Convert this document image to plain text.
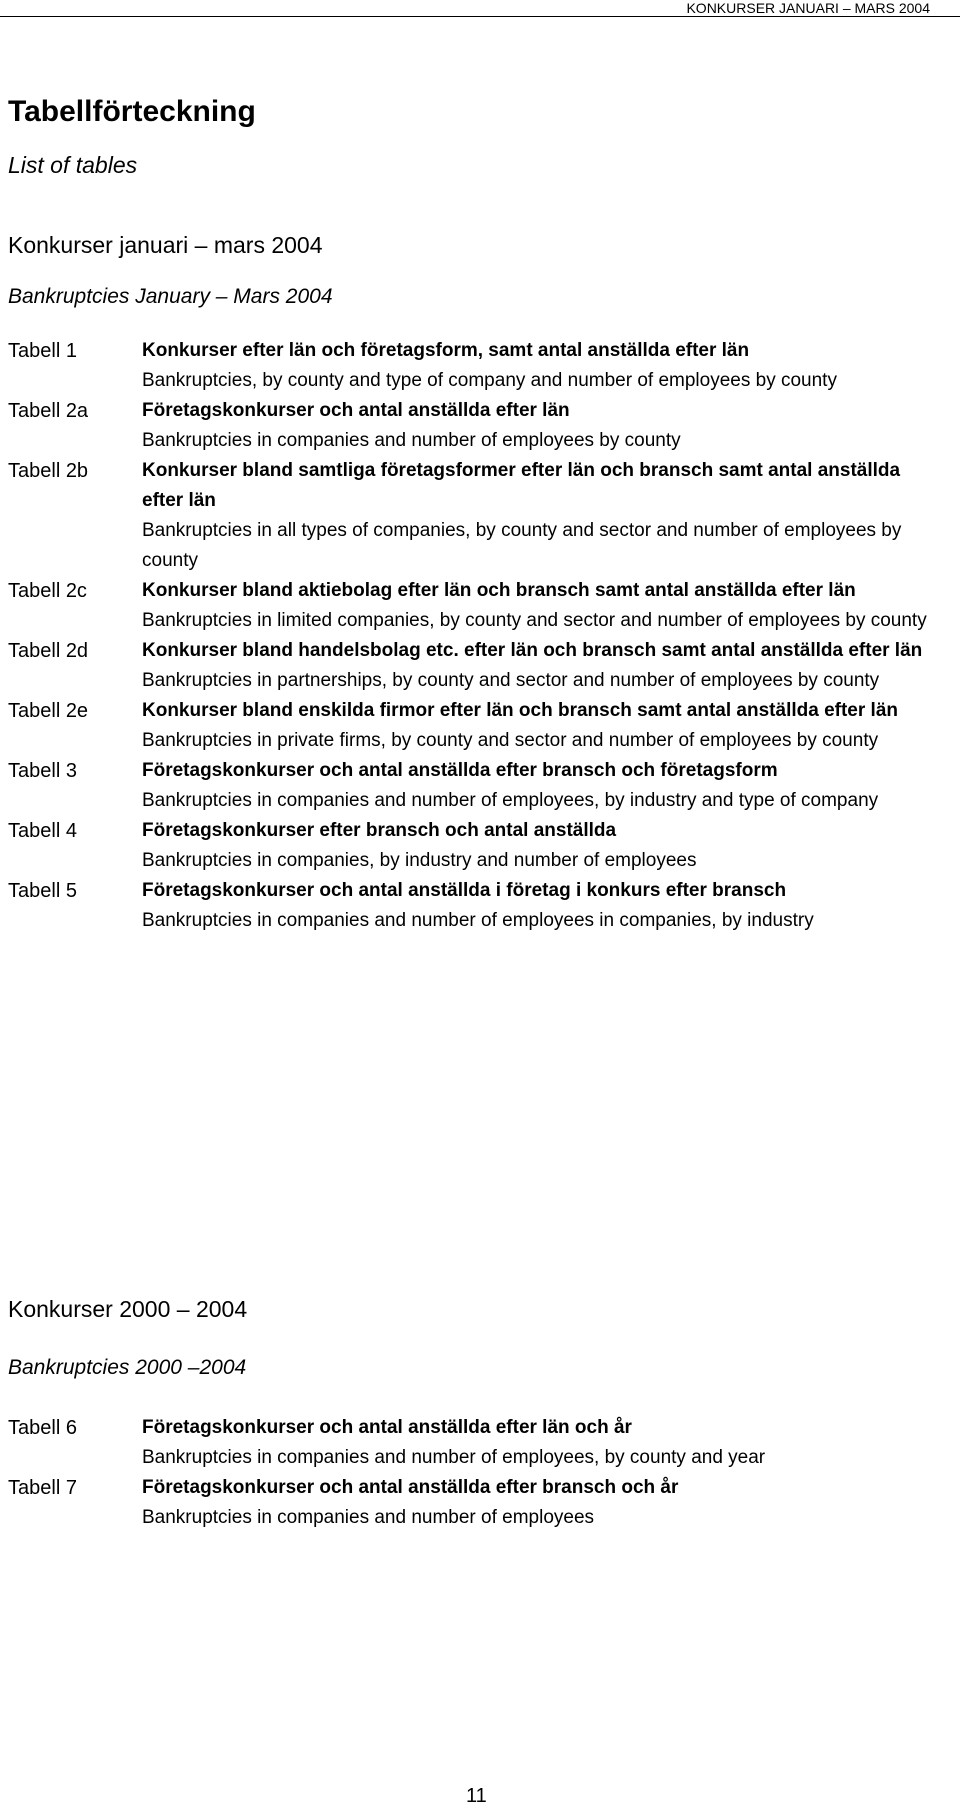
KONKURSER JANUARI – MARS 2004
Tabellförteckning
List of tables
Konkurser januari – mars 2004
Bankruptcies January – Mars 2004
Tabell 1	Konkurser efter län och företagsform, samt antal anställda efter län
Bankruptcies, by county and type of company and number of employees by county
Tabell 2a	Företagskonkurser och antal anställda efter län
Bankruptcies in companies and number of employees by county
Tabell 2b	Konkurser bland samtliga företagsformer efter län och bransch samt antal anställda efter län
Bankruptcies in all types of companies, by county and sector and number of employees by county
Tabell 2c	Konkurser bland aktiebolag efter län och bransch samt antal anställda efter län
Bankruptcies in limited companies, by county and sector and number of employees by county
Tabell 2d	Konkurser bland handelsbolag etc. efter län och bransch samt antal anställda efter län
Bankruptcies in partnerships, by county and sector and number of employees by county
Tabell 2e	Konkurser bland enskilda firmor efter län och bransch samt antal anställda efter län
Bankruptcies in private firms, by county and sector and number of employees by county
Tabell 3	Företagskonkurser och antal anställda efter bransch och företagsform
Bankruptcies in companies and number of employees, by industry and type of company
Tabell 4	Företagskonkurser efter bransch och antal anställda
Bankruptcies in companies, by industry and number of employees
Tabell 5	Företagskonkurser och antal anställda i företag i konkurs efter bransch
Bankruptcies in companies and number of employees in companies, by industry
Konkurser 2000 – 2004
Bankruptcies 2000 –2004
Tabell 6	Företagskonkurser och antal anställda efter län och år
Bankruptcies in companies and number of employees, by county and year
Tabell 7	Företagskonkurser och antal anställda efter bransch och år
Bankruptcies in companies and number of employees
11
